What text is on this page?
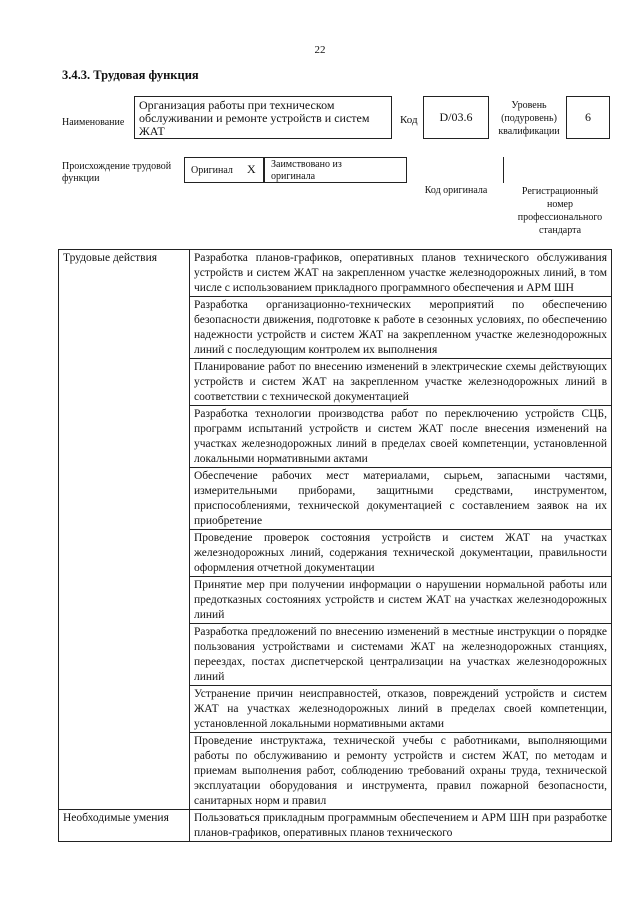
22
3.4.3. Трудовая функция
Наименование
Организация работы при техническом обслуживании и ремонте устройств и систем ЖАТ
Код	D/03.6
Уровень (подуровень) квалификации
6
Происхождение трудовой функции
Оригинал X Заимствовано из оригинала
Код оригинала	Регистрационный номер профессионального стандарта
Трудовые действия	Разработка планов-графиков, оперативных планов технического обслуживания устройств и систем ЖАТ на закрепленном участке железнодорожных линий, в том числе с использованием прикладного программного обеспечения и АРМ ШН
	Разработка организационно-технических мероприятий по обеспечению безопасности движения, подготовке к работе в сезонных условиях, по обеспечению надежности устройств и систем ЖАТ на закрепленном участке железнодорожных линий с последующим контролем их выполнения
	Планирование работ по внесению изменений в электрические схемы действующих устройств и систем ЖАТ на закрепленном участке железнодорожных линий в соответствии с технической документацией
	Разработка технологии производства работ по переключению устройств СЦБ, программ испытаний устройств и систем ЖАТ после внесения изменений на участках железнодорожных линий в пределах своей компетенции, установленной локальными нормативными актами
	Обеспечение рабочих мест материалами, сырьем, запасными частями, измерительными приборами, защитными средствами, инструментом, приспособлениями, технической документацией с составлением заявок на их приобретение
	Проведение проверок состояния устройств и систем ЖАТ на участках железнодорожных линий, содержания технической документации, правильности оформления отчетной документации
	Принятие мер при получении информации о нарушении нормальной работы или предотказных состояниях устройств и систем ЖАТ на участках железнодорожных линий
	Разработка предложений по внесению изменений в местные инструкции о порядке пользования устройствами и системами ЖАТ на железнодорожных станциях, переездах, постах диспетчерской централизации на участках железнодорожных линий
	Устранение причин неисправностей, отказов, повреждений устройств и систем ЖАТ на участках железнодорожных линий в пределах своей компетенции, установленной локальными нормативными актами
	Проведение инструктажа, технической учебы с работниками, выполняющими работы по обслуживанию и ремонту устройств и систем ЖАТ, по методам и приемам выполнения работ, соблюдению требований охраны труда, технической эксплуатации оборудования и инструмента, правил пожарной безопасности, санитарных норм и правил
Необходимые умения	Пользоваться прикладным программным обеспечением и АРМ ШН при разработке планов-графиков, оперативных планов технического
